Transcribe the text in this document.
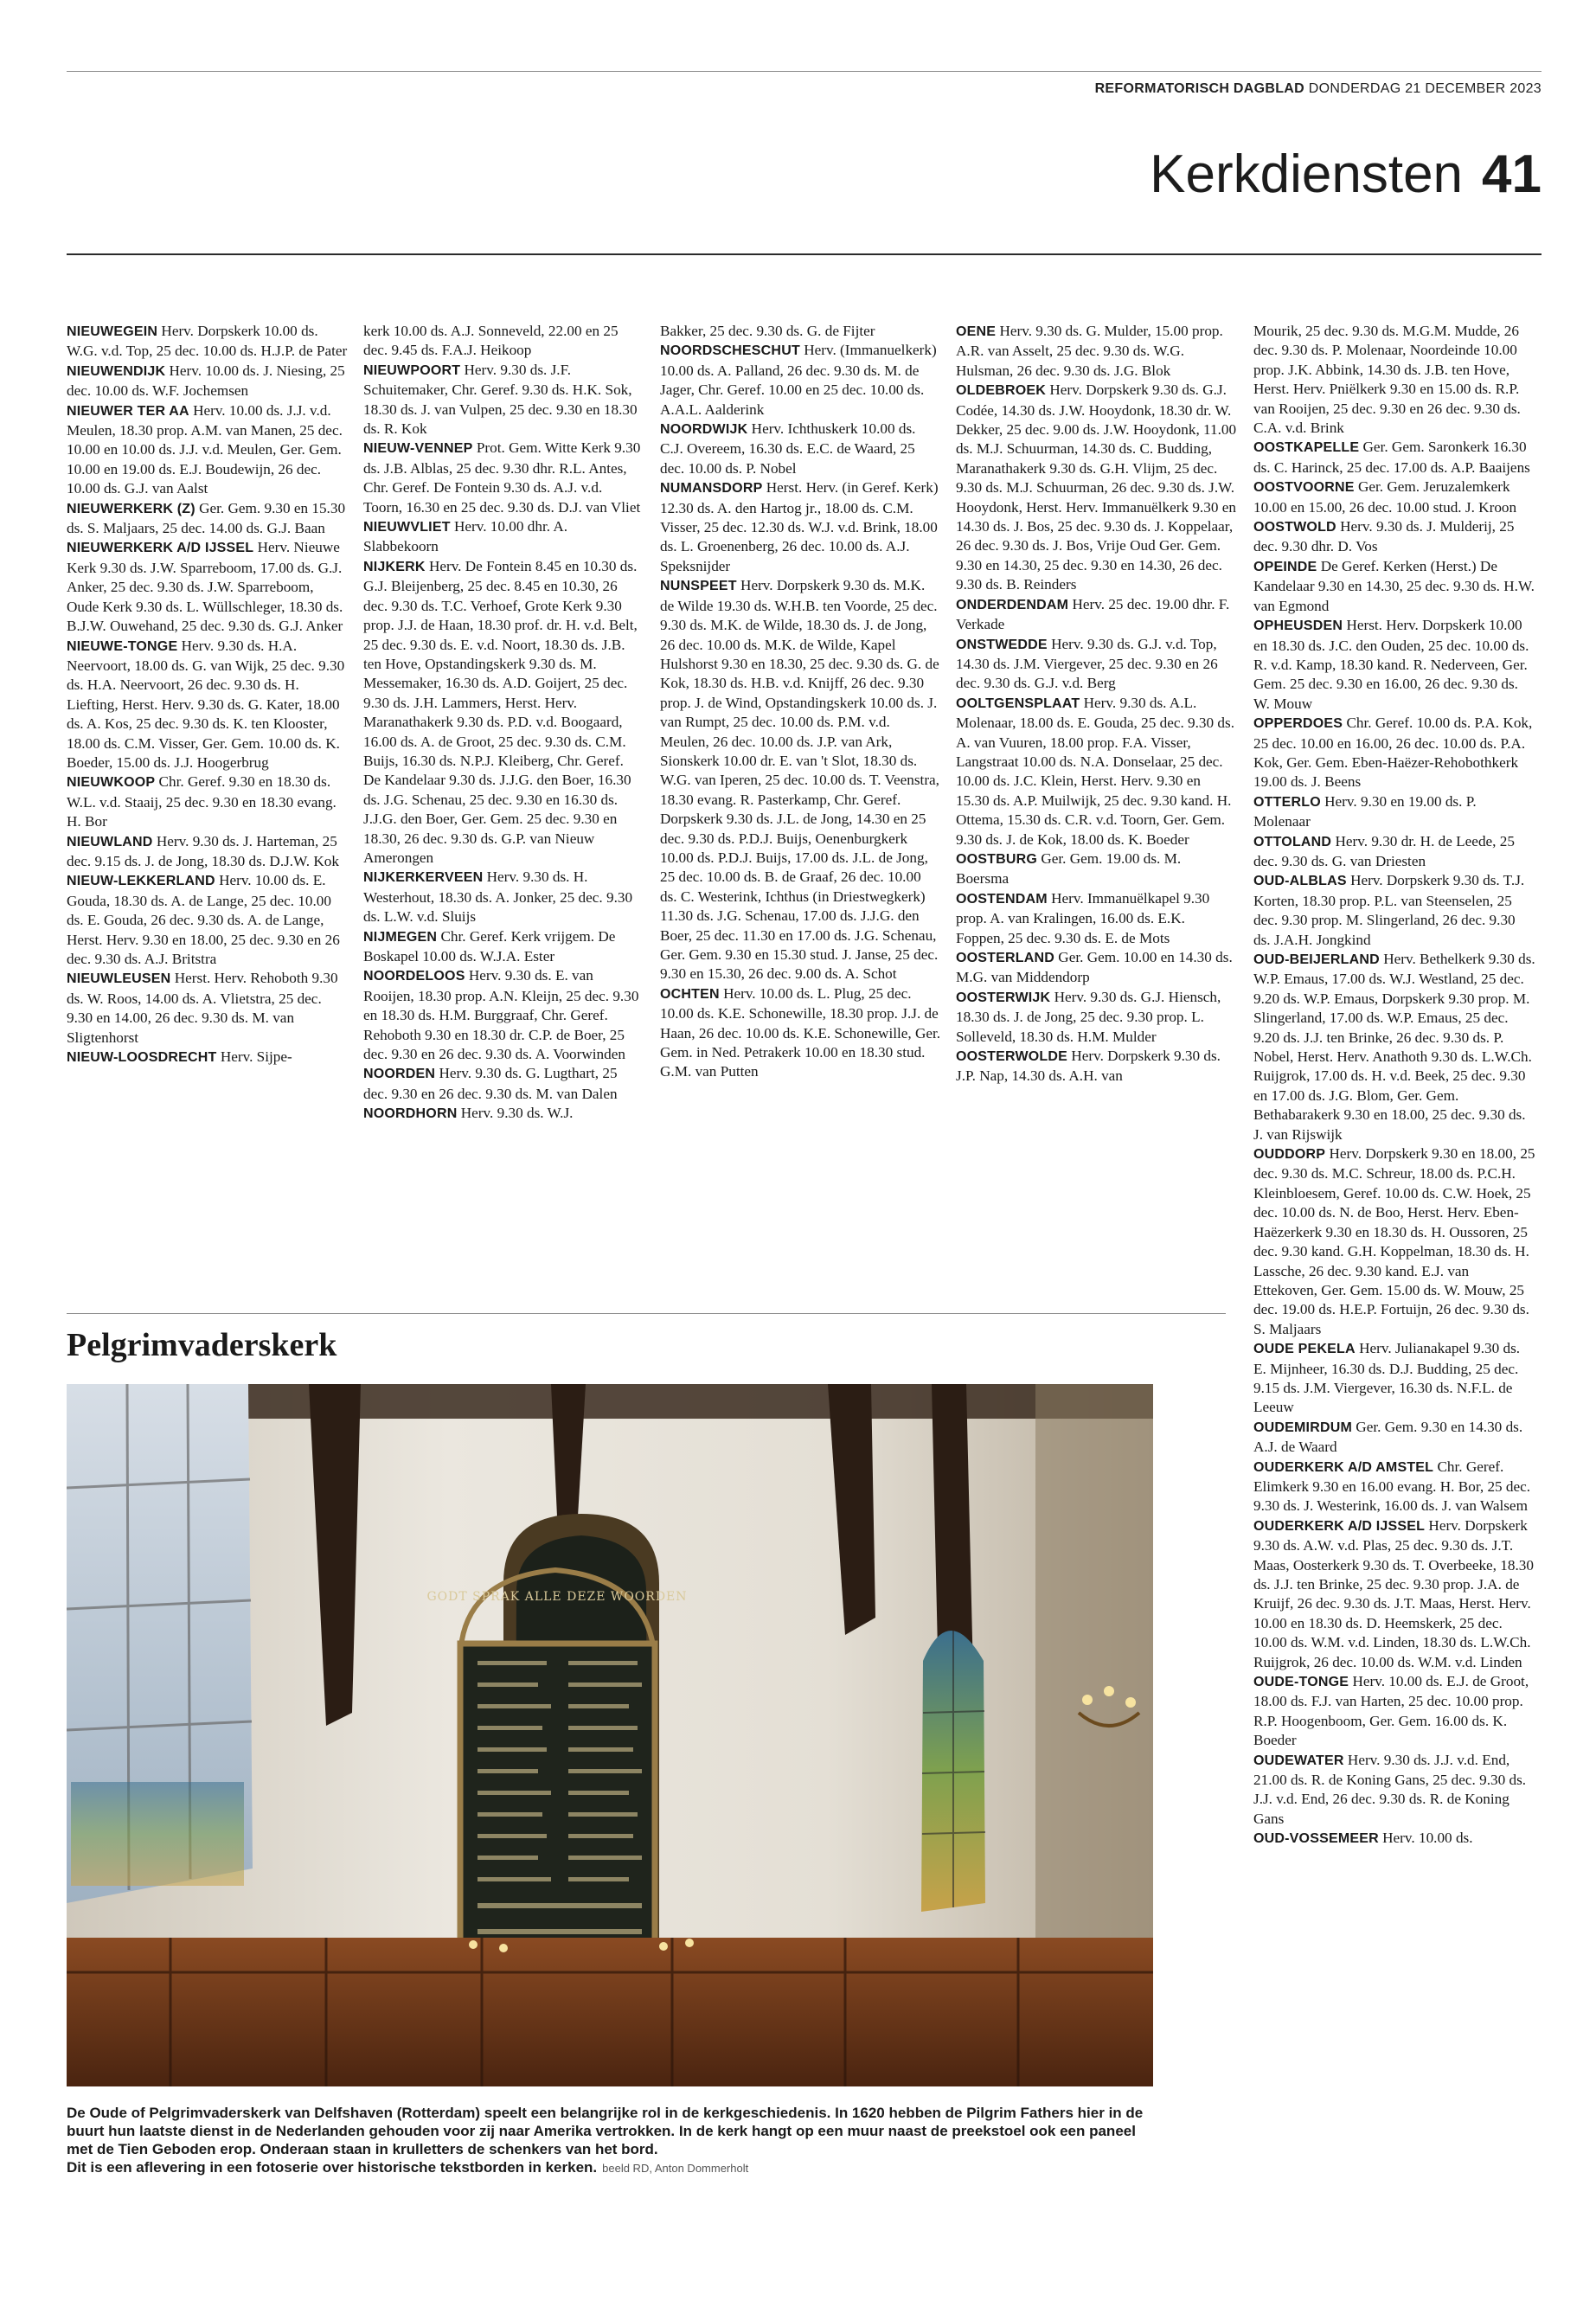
REFORMATORISCH DAGBLAD DONDERDAG 21 DECEMBER 2023
Kerkdiensten 41

NIEUWEGEIN Herv. Dorpskerk 10.00 ds. W.G. v.d. Top, 25 dec. 10.00 ds. H.J.P. de Pater

NIEUWENDIJK Herv. 10.00 ds. J. Niesing, 25 dec. 10.00 ds. W.F. Jochemsen

NIEUWER TER AA Herv. 10.00 ds. J.J. v.d. Meulen, 18.30 prop. A.M. van Manen, 25 dec. 10.00 en 10.00 ds. J.J. v.d. Meulen, Ger. Gem. 10.00 en 19.00 ds. E.J. Boudewijn, 26 dec. 10.00 ds. G.J. van Aalst

NIEUWERKERK (Z) Ger. Gem. 9.30 en 15.30 ds. S. Maljaars, 25 dec. 14.00 ds. G.J. Baan

NIEUWERKERK A/D IJSSEL Herv. Nieuwe Kerk 9.30 ds. J.W. Sparreboom, 17.00 ds. G.J. Anker, 25 dec. 9.30 ds. J.W. Sparreboom, Oude Kerk 9.30 ds. L. Wüllschleger, 18.30 ds. B.J.W. Ouwehand, 25 dec. 9.30 ds. G.J. Anker

NIEUWE-TONGE Herv. 9.30 ds. H.A. Neervoort, 18.00 ds. G. van Wijk, 25 dec. 9.30 ds. H.A. Neervoort, 26 dec. 9.30 ds. H. Liefting, Herst. Herv. 9.30 ds. G. Kater, 18.00 ds. A. Kos, 25 dec. 9.30 ds. K. ten Klooster, 18.00 ds. C.M. Visser, Ger. Gem. 10.00 ds. K. Boeder, 15.00 ds. J.J. Hoogerbrug

NIEUWKOOP Chr. Geref. 9.30 en 18.30 ds. W.L. v.d. Staaij, 25 dec. 9.30 en 18.30 evang. H. Bor

NIEUWLAND Herv. 9.30 ds. J. Harteman, 25 dec. 9.15 ds. J. de Jong, 18.30 ds. D.J.W. Kok

NIEUW-LEKKERLAND Herv. 10.00 ds. E. Gouda, 18.30 ds. A. de Lange, 25 dec. 10.00 ds. E. Gouda, 26 dec. 9.30 ds. A. de Lange, Herst. Herv. 9.30 en 18.00, 25 dec. 9.30 en 26 dec. 9.30 ds. A.J. Britstra

NIEUWLEUSEN Herst. Herv. Rehoboth 9.30 ds. W. Roos, 14.00 ds. A. Vlietstra, 25 dec. 9.30 en 14.00, 26 dec. 9.30 ds. M. van Sligtenhorst

NIEUW-LOOSDRECHT Herv. Sijpe-

kerk 10.00 ds. A.J. Sonneveld, 22.00 en 25 dec. 9.45 ds. F.A.J. Heikoop

NIEUWPOORT Herv. 9.30 ds. J.F. Schuitemaker, Chr. Geref. 9.30 ds. H.K. Sok, 18.30 ds. J. van Vulpen, 25 dec. 9.30 en 18.30 ds. R. Kok

NIEUW-VENNEP Prot. Gem. Witte Kerk 9.30 ds. J.B. Alblas, 25 dec. 9.30 dhr. R.L. Antes, Chr. Geref. De Fontein 9.30 ds. A.J. v.d. Toorn, 16.30 en 25 dec. 9.30 ds. D.J. van Vliet

NIEUWVLIET Herv. 10.00 dhr. A. Slabbekoorn

NIJKERK Herv. De Fontein 8.45 en 10.30 ds. G.J. Bleijenberg, 25 dec. 8.45 en 10.30, 26 dec. 9.30 ds. T.C. Verhoef, Grote Kerk 9.30 prop. J.J. de Haan, 18.30 prof. dr. H. v.d. Belt, 25 dec. 9.30 ds. E. v.d. Noort, 18.30 ds. J.B. ten Hove, Opstandingskerk 9.30 ds. M. Messemaker, 16.30 ds. A.D. Goijert, 25 dec. 9.30 ds. J.H. Lammers, Herst. Herv. Maranathakerk 9.30 ds. P.D. v.d. Boogaard, 16.00 ds. A. de Groot, 25 dec. 9.30 ds. C.M. Buijs, 16.30 ds. N.P.J. Kleiberg, Chr. Geref. De Kandelaar 9.30 ds. J.J.G. den Boer, 16.30 ds. J.G. Schenau, 25 dec. 9.30 en 16.30 ds. J.J.G. den Boer, Ger. Gem. 25 dec. 9.30 en 18.30, 26 dec. 9.30 ds. G.P. van Nieuw Amerongen

NIJKERKERVEEN Herv. 9.30 ds. H. Westerhout, 18.30 ds. A. Jonker, 25 dec. 9.30 ds. L.W. v.d. Sluijs

NIJMEGEN Chr. Geref. Kerk vrijgem. De Boskapel 10.00 ds. W.J.A. Ester

NOORDELOOS Herv. 9.30 ds. E. van Rooijen, 18.30 prop. A.N. Kleijn, 25 dec. 9.30 en 18.30 ds. H.M. Burggraaf, Chr. Geref. Rehoboth 9.30 en 18.30 dr. C.P. de Boer, 25 dec. 9.30 en 26 dec. 9.30 ds. A. Voorwinden

NOORDEN Herv. 9.30 ds. G. Lugthart, 25 dec. 9.30 en 26 dec. 9.30 ds. M. van Dalen

NOORDHORN Herv. 9.30 ds. W.J.

Bakker, 25 dec. 9.30 ds. G. de Fijter

NOORDSCHESCHUT Herv. (Immanuelkerk) 10.00 ds. A. Palland, 26 dec. 9.30 ds. M. de Jager, Chr. Geref. 10.00 en 25 dec. 10.00 ds. A.A.L. Aalderink

NOORDWIJK Herv. Ichthuskerk 10.00 ds. C.J. Overeem, 16.30 ds. E.C. de Waard, 25 dec. 10.00 ds. P. Nobel

NUMANSDORP Herst. Herv. (in Geref. Kerk) 12.30 ds. A. den Hartog jr., 18.00 ds. C.M. Visser, 25 dec. 12.30 ds. W.J. v.d. Brink, 18.00 ds. L. Groenenberg, 26 dec. 10.00 ds. A.J. Speksnijder

NUNSPEET Herv. Dorpskerk 9.30 ds. M.K. de Wilde 19.30 ds. W.H.B. ten Voorde, 25 dec. 9.30 ds. M.K. de Wilde, 18.30 ds. J. de Jong, 26 dec. 10.00 ds. M.K. de Wilde, Kapel Hulshorst 9.30 en 18.30, 25 dec. 9.30 ds. G. de Kok, 18.30 ds. H.B. v.d. Knijff, 26 dec. 9.30 prop. J. de Wind, Opstandingskerk 10.00 ds. J. van Rumpt, 25 dec. 10.00 ds. P.M. v.d. Meulen, 26 dec. 10.00 ds. J.P. van Ark, Sionskerk 10.00 dr. E. van 't Slot, 18.30 ds. W.G. van Iperen, 25 dec. 10.00 ds. T. Veenstra, 18.30 evang. R. Pasterkamp, Chr. Geref. Dorpskerk 9.30 ds. J.L. de Jong, 14.30 en 25 dec. 9.30 ds. P.D.J. Buijs, Oenenburgkerk 10.00 ds. P.D.J. Buijs, 17.00 ds. J.L. de Jong, 25 dec. 10.00 ds. B. de Graaf, 26 dec. 10.00 ds. C. Westerink, Ichthus (in Driestwegkerk) 11.30 ds. J.G. Schenau, 17.00 ds. J.J.G. den Boer, 25 dec. 11.30 en 17.00 ds. J.G. Schenau, Ger. Gem. 9.30 en 15.30 stud. J. Janse, 25 dec. 9.30 en 15.30, 26 dec. 9.00 ds. A. Schot

OCHTEN Herv. 10.00 ds. L. Plug, 25 dec. 10.00 ds. K.E. Schonewille, 18.30 prop. J.J. de Haan, 26 dec. 10.00 ds. K.E. Schonewille, Ger. Gem. in Ned. Petrakerk 10.00 en 18.30 stud. G.M. van Putten

OENE Herv. 9.30 ds. G. Mulder, 15.00 prop. A.R. van Asselt, 25 dec. 9.30 ds. W.G. Hulsman, 26 dec. 9.30 ds. J.G. Blok

OLDEBROEK Herv. Dorpskerk 9.30 ds. G.J. Codée, 14.30 ds. J.W. Hooydonk, 18.30 dr. W. Dekker, 25 dec. 9.00 ds. J.W. Hooydonk, 11.00 ds. M.J. Schuurman, 14.30 ds. C. Budding, Maranathakerk 9.30 ds. G.H. Vlijm, 25 dec. 9.30 ds. M.J. Schuurman, 26 dec. 9.30 ds. J.W. Hooydonk, Herst. Herv. Immanuëlkerk 9.30 en 14.30 ds. J. Bos, 25 dec. 9.30 ds. J. Koppelaar, 26 dec. 9.30 ds. J. Bos, Vrije Oud Ger. Gem. 9.30 en 14.30, 25 dec. 9.30 en 14.30, 26 dec. 9.30 ds. B. Reinders

ONDERDENDAM Herv. 25 dec. 19.00 dhr. F. Verkade

ONSTWEDDE Herv. 9.30 ds. G.J. v.d. Top, 14.30 ds. J.M. Viergever, 25 dec. 9.30 en 26 dec. 9.30 ds. G.J. v.d. Berg

OOLTGENSPLAAT Herv. 9.30 ds. A.L. Molenaar, 18.00 ds. E. Gouda, 25 dec. 9.30 ds. A. van Vuuren, 18.00 prop. F.A. Visser, Langstraat 10.00 ds. N.A. Donselaar, 25 dec. 10.00 ds. J.C. Klein, Herst. Herv. 9.30 en 15.30 ds. A.P. Muilwijk, 25 dec. 9.30 kand. H. Ottema, 15.30 ds. C.R. v.d. Toorn, Ger. Gem. 9.30 ds. J. de Kok, 18.00 ds. K. Boeder

OOSTBURG Ger. Gem. 19.00 ds. M. Boersma

OOSTENDAM Herv. Immanuëlkapel 9.30 prop. A. van Kralingen, 16.00 ds. E.K. Foppen, 25 dec. 9.30 ds. E. de Mots

OOSTERLAND Ger. Gem. 10.00 en 14.30 ds. M.G. van Middendorp

OOSTERWIJK Herv. 9.30 ds. G.J. Hiensch, 18.30 ds. J. de Jong, 25 dec. 9.30 prop. L. Solleveld, 18.30 ds. H.M. Mulder

OOSTERWOLDE Herv. Dorpskerk 9.30 ds. J.P. Nap, 14.30 ds. A.H. van

Mourik, 25 dec. 9.30 ds. M.G.M. Mudde, 26 dec. 9.30 ds. P. Molenaar, Noordeinde 10.00 prop. J.K. Abbink, 14.30 ds. J.B. ten Hove, Herst. Herv. Pniëlkerk 9.30 en 15.00 ds. R.P. van Rooijen, 25 dec. 9.30 en 26 dec. 9.30 ds. C.A. v.d. Brink

OOSTKAPELLE Ger. Gem. Saronkerk 16.30 ds. C. Harinck, 25 dec. 17.00 ds. A.P. Baaijens

OOSTVOORNE Ger. Gem. Jeruzalemkerk 10.00 en 15.00, 26 dec. 10.00 stud. J. Kroon

OOSTWOLD Herv. 9.30 ds. J. Mulderij, 25 dec. 9.30 dhr. D. Vos

OPEINDE De Geref. Kerken (Herst.) De Kandelaar 9.30 en 14.30, 25 dec. 9.30 ds. H.W. van Egmond

OPHEUSDEN Herst. Herv. Dorpskerk 10.00 en 18.30 ds. J.C. den Ouden, 25 dec. 10.00 ds. R. v.d. Kamp, 18.30 kand. R. Nederveen, Ger. Gem. 25 dec. 9.30 en 16.00, 26 dec. 9.30 ds. W. Mouw

OPPERDOES Chr. Geref. 10.00 ds. P.A. Kok, 25 dec. 10.00 en 16.00, 26 dec. 10.00 ds. P.A. Kok, Ger. Gem. Eben-Haëzer-Rehobothkerk 19.00 ds. J. Beens

OTTERLO Herv. 9.30 en 19.00 ds. P. Molenaar

OTTOLAND Herv. 9.30 dr. H. de Leede, 25 dec. 9.30 ds. G. van Driesten

OUD-ALBLAS Herv. Dorpskerk 9.30 ds. T.J. Korten, 18.30 prop. P.L. van Steenselen, 25 dec. 9.30 prop. M. Slingerland, 26 dec. 9.30 ds. J.A.H. Jongkind

OUD-BEIJERLAND Herv. Bethelkerk 9.30 ds. W.P. Emaus, 17.00 ds. W.J. Westland, 25 dec. 9.20 ds. W.P. Emaus, Dorpskerk 9.30 prop. M. Slingerland, 17.00 ds. W.P. Emaus, 25 dec. 9.20 ds. J.J. ten Brinke, 26 dec. 9.30 ds. P. Nobel, Herst. Herv. Anathoth 9.30 ds. L.W.Ch. Ruijgrok, 17.00 ds. H. v.d. Beek, 25 dec. 9.30 en 17.00 ds. J.G. Blom, Ger. Gem. Bethabarakerk 9.30 en 18.00, 25 dec. 9.30 ds. J. van Rijswijk

OUDDORP Herv. Dorpskerk 9.30 en 18.00, 25 dec. 9.30 ds. M.C. Schreur, 18.00 ds. P.C.H. Kleinbloesem, Geref. 10.00 ds. C.W. Hoek, 25 dec. 10.00 ds. N. de Boo, Herst. Herv. Eben-Haëzerkerk 9.30 en 18.30 ds. H. Oussoren, 25 dec. 9.30 kand. G.H. Koppelman, 18.30 ds. H. Lassche, 26 dec. 9.30 kand. E.J. van Ettekoven, Ger. Gem. 15.00 ds. W. Mouw, 25 dec. 19.00 ds. H.E.P. Fortuijn, 26 dec. 9.30 ds. S. Maljaars

OUDE PEKELA Herv. Julianakapel 9.30 ds. E. Mijnheer, 16.30 ds. D.J. Budding, 25 dec. 9.15 ds. J.M. Viergever, 16.30 ds. N.F.L. de Leeuw

OUDEMIRDUM Ger. Gem. 9.30 en 14.30 ds. A.J. de Waard

OUDERKERK A/D AMSTEL Chr. Geref. Elimkerk 9.30 en 16.00 evang. H. Bor, 25 dec. 9.30 ds. J. Westerink, 16.00 ds. J. van Walsem

OUDERKERK A/D IJSSEL Herv. Dorpskerk 9.30 ds. A.W. v.d. Plas, 25 dec. 9.30 ds. J.T. Maas, Oosterkerk 9.30 ds. T. Overbeeke, 18.30 ds. J.J. ten Brinke, 25 dec. 9.30 prop. J.A. de Kruijf, 26 dec. 9.30 ds. J.T. Maas, Herst. Herv. 10.00 en 18.30 ds. D. Heemskerk, 25 dec. 10.00 ds. W.M. v.d. Linden, 18.30 ds. L.W.Ch. Ruijgrok, 26 dec. 10.00 ds. W.M. v.d. Linden

OUDE-TONGE Herv. 10.00 ds. E.J. de Groot, 18.00 ds. F.J. van Harten, 25 dec. 10.00 prop. R.P. Hoogenboom, Ger. Gem. 16.00 ds. K. Boeder

OUDEWATER Herv. 9.30 ds. J.J. v.d. End, 21.00 ds. R. de Koning Gans, 25 dec. 9.30 ds. J.J. v.d. End, 26 dec. 9.30 ds. R. de Koning Gans

OUD-VOSSEMEER Herv. 10.00 ds.

Pelgrimvaderskerk
GODT SPRAK ALLE DEZE WOORDEN

De Oude of Pelgrimvaderskerk van Delfshaven (Rotterdam) speelt een belangrijke rol in de kerkgeschiedenis. In 1620 hebben de Pilgrim Fathers hier in de buurt hun laatste dienst in de Nederlanden gehouden voor zij naar Amerika vertrokken. In de kerk hangt op een muur naast de preekstoel ook een paneel met de Tien Geboden erop. Onderaan staan in krulletters de schenkers van het bord.

Dit is een aflevering in een fotoserie over historische tekstborden in kerken. beeld RD, Anton Dommerholt
